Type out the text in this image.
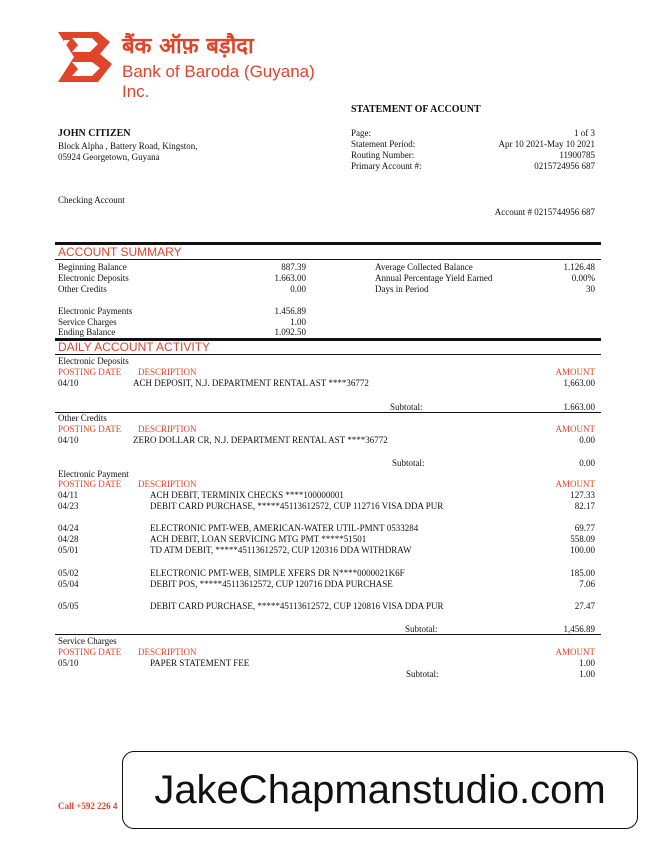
बैंक ऑफ़ बड़ौदा
Bank of Baroda (Guyana) Inc.
STATEMENT OF ACCOUNT
JOHN CITIZEN
Block Alpha , Battery Road, Kingston,
05924 Georgetown, Guyana
Page:	1 of 3
Statement Period:	Apr 10 2021-May 10 2021
Routing Number:	11900785
Primary Account #:	0215724956 687
Checking Account
Account # 0215744956 687
ACCOUNT SUMMARY
Beginning Balance	887.39
Electronic Deposits	1.663.00
Other Credits	0.00
Electronic Payments	1.456.89
Service Charges	1.00
Ending Balance	1.092.50
Average Collected Balance	1.126.48
Annual Percentage Yield Earned	0.00%
Days in Period	30
DAILY ACCOUNT ACTIVITY
Electronic Deposits
POSTING DATE DESCRIPTION	AMOUNT
04/10	ACH DEPOSIT, N.J. DEPARTMENT RENTAL AST ****36772	1,663.00
Subtotal:	1.663.00
Other Credits
POSTING DATE DESCRIPTION	AMOUNT
04/10	ZERO DOLLAR CR, N.J. DEPARTMENT RENTAL AST ****36772	0.00
Subtotal:	0.00
Electronic Payment
POSTING DATE DESCRIPTION	AMOUNT
04/11	ACH DEBIT, TERMINIX CHECKS ****100000001	127.33
04/23	DEBIT CARD PURCHASE, *****45113612572, CUP 112716 VISA DDA PUR	82.17
04/24	ELECTRONIC PMT-WEB, AMERICAN-WATER UTIL-PMNT 0533284	69.77
04/28	ACH DEBIT, LOAN SERVICING MTG PMT *****51501	558.09
05/01	TD ATM DEBIT, *****45113612572, CUP 120316 DDA WITHDRAW	100.00
05/02	ELECTRONIC PMT-WEB, SIMPLE XFERS DR N****0000021K6F	185.00
05/04	DEBIT POS, *****45113612572, CUP 120716 DDA PURCHASE	7.06
05/05	DEBIT CARD PURCHASE, *****45113612572, CUP 120816 VISA DDA PUR	27.47
Subtotal:	1,456.89
Service Charges
POSTING DATE DESCRIPTION	AMOUNT
05/10	PAPER STATEMENT FEE	1.00
Subtotal:	1.00
Call +592 226 4 JakeChapmanstudio.com
